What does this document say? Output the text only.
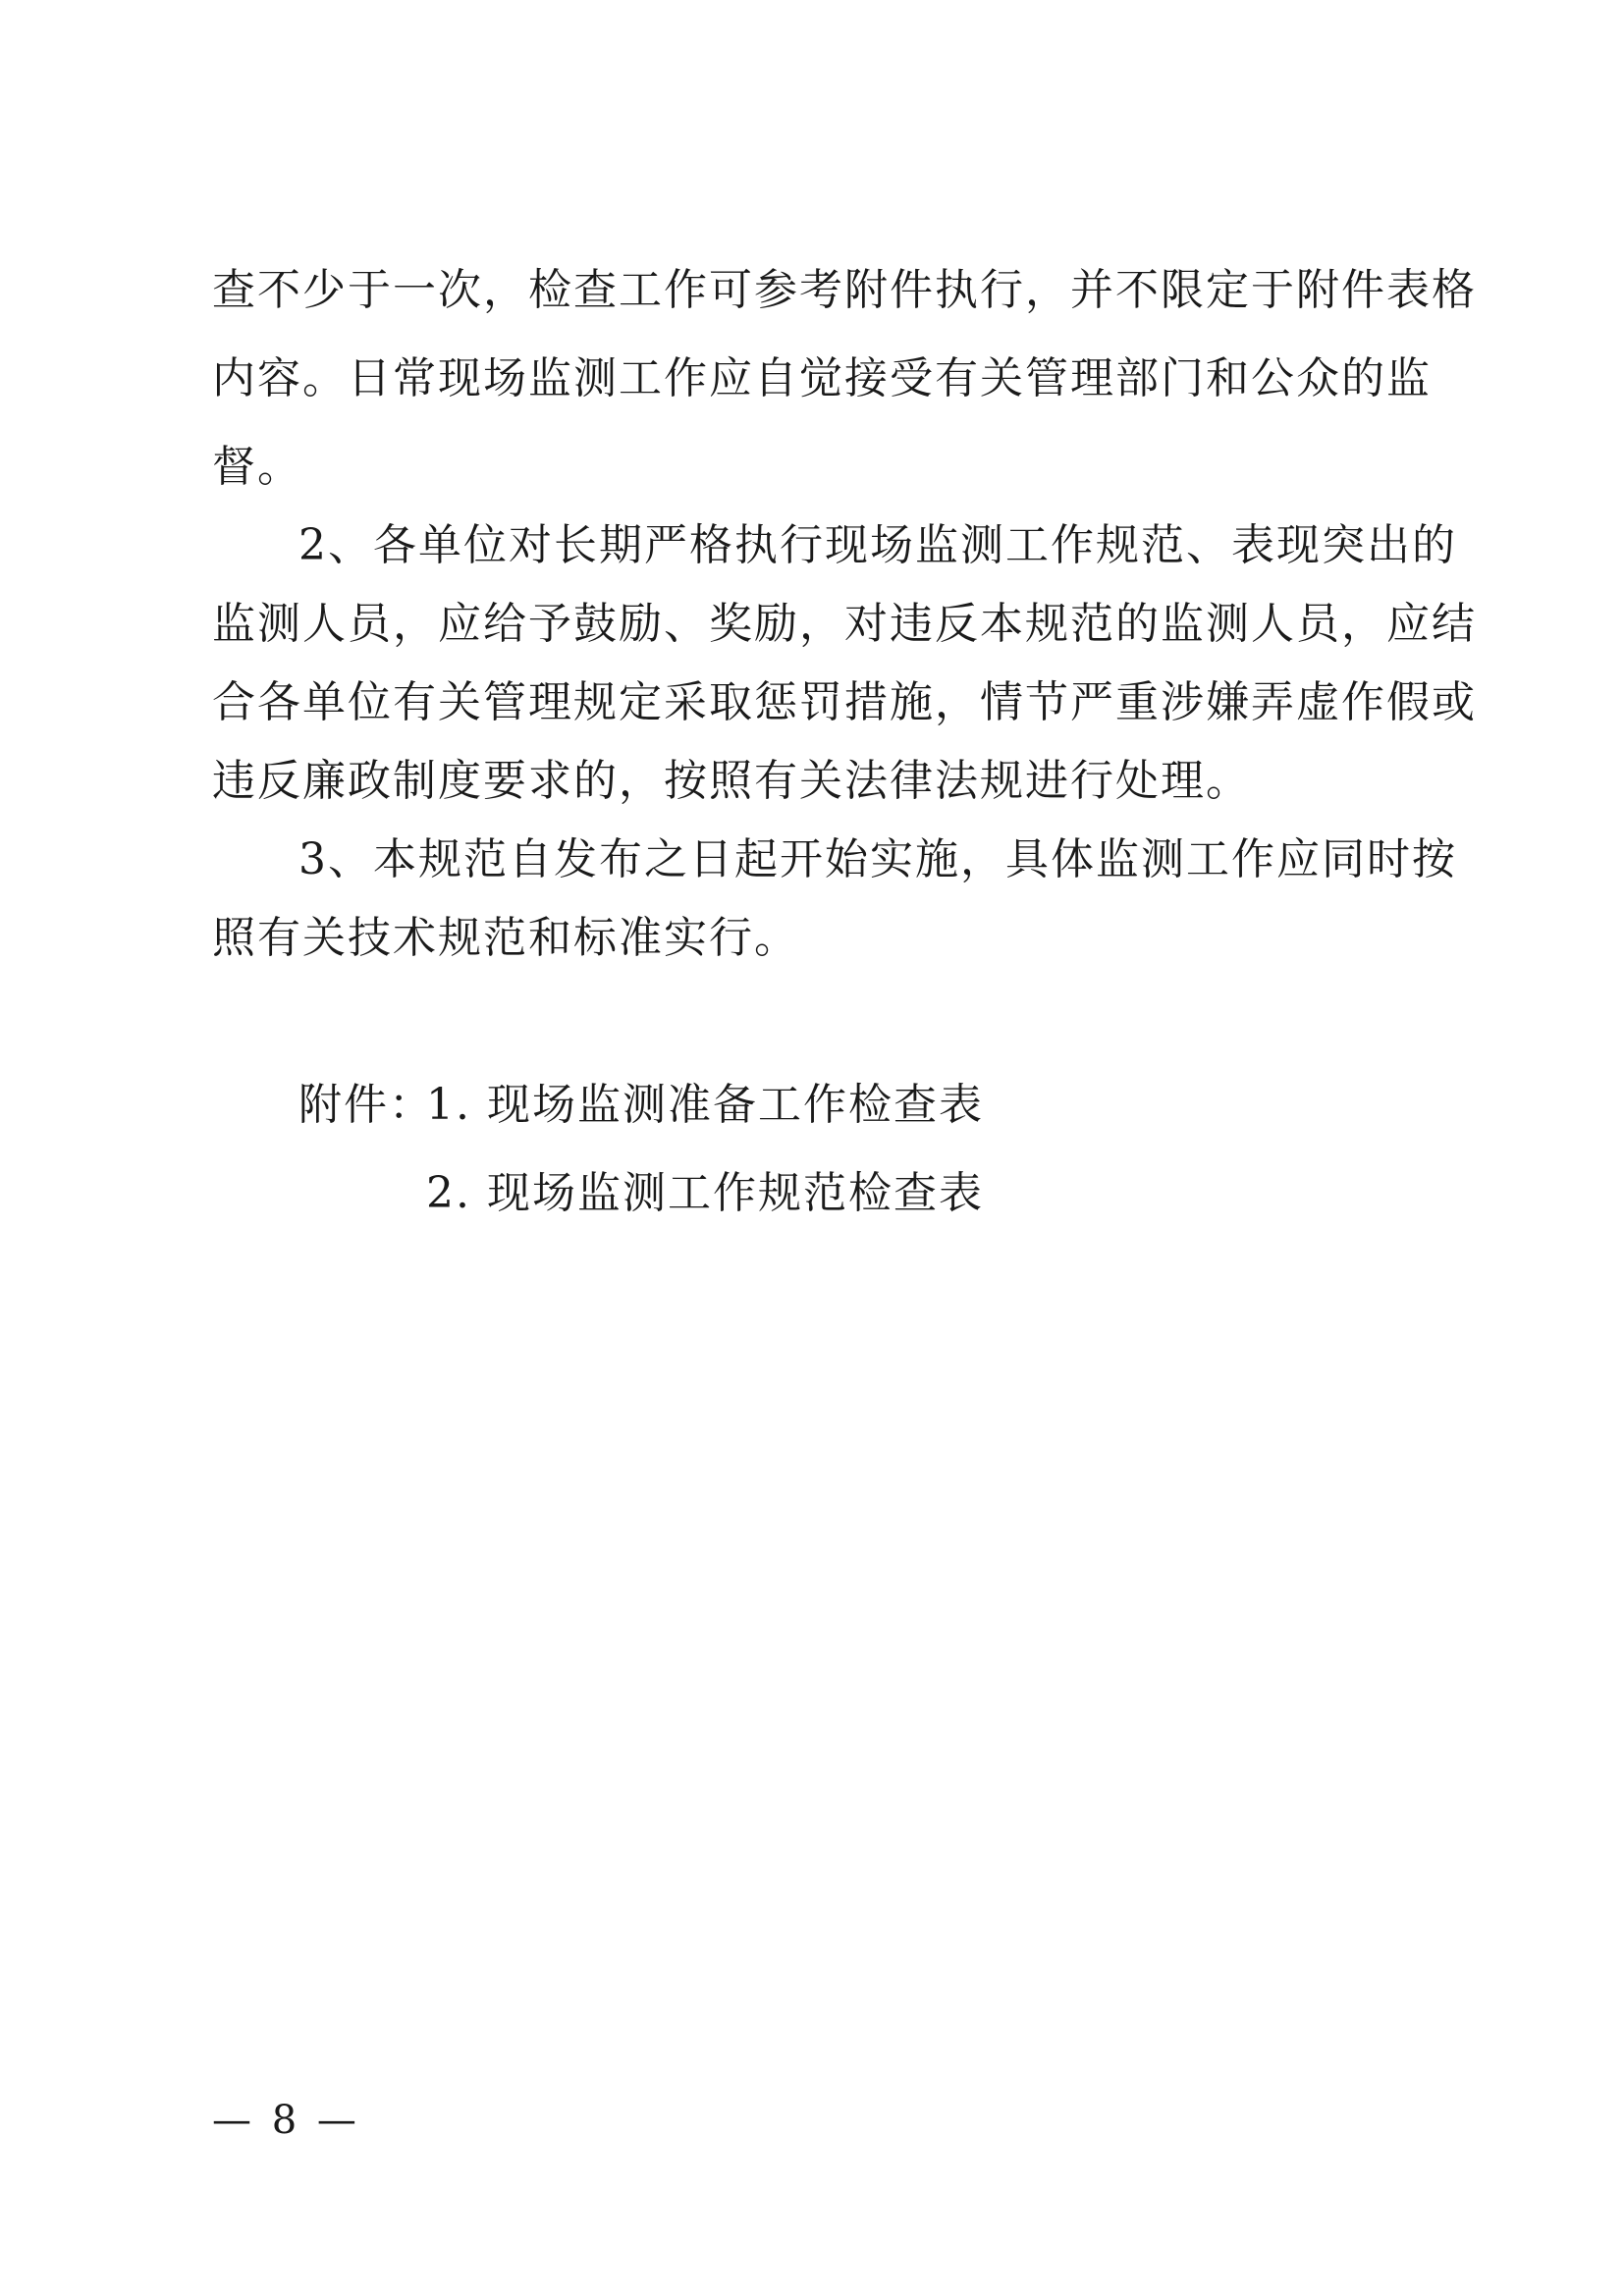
查不少于一次，检查工作可参考附件执行，并不限定于附件表格
内容。日常现场监测工作应自觉接受有关管理部门和公众的监
督。
2、各单位对长期严格执行现场监测工作规范、表现突出的
监测人员，应给予鼓励、奖励，对违反本规范的监测人员，应结
合各单位有关管理规定采取惩罚措施，情节严重涉嫌弄虚作假或
违反廉政制度要求的，按照有关法律法规进行处理。
3、本规范自发布之日起开始实施，具体监测工作应同时按
照有关技术规范和标准实行。
附件：
1. 现场监测准备工作检查表
2. 现场监测工作规范检查表
— 8 —
